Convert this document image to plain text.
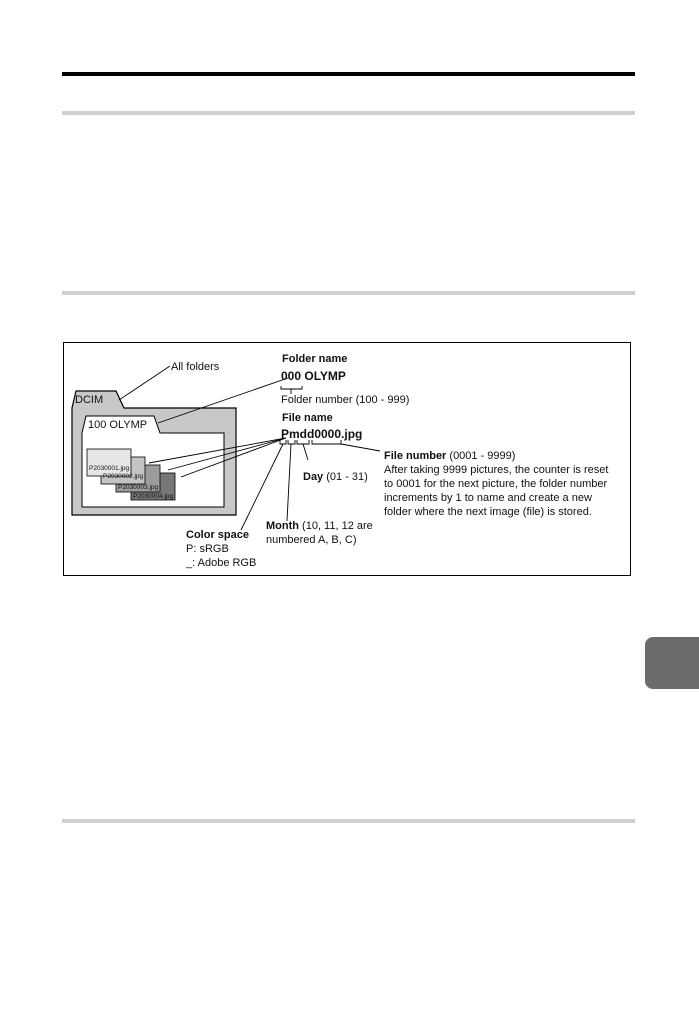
DCIM
100 OLYMP
P2030001.jpg
P2030002.jpg
P2030003.jpg
P2030004.jpg
All folders
Folder name
000 OLYMP
Folder number (100 - 999)
File name
Pmdd0000.jpg
File number (0001 - 9999)
After taking 9999 pictures, the counter is reset
to 0001 for the next picture, the folder number
increments by 1 to name and create a new
folder where the next image (file) is stored.
Day (01 - 31)
Month (10, 11, 12 are
numbered A, B, C)
Color space
P: sRGB
_: Adobe RGB
